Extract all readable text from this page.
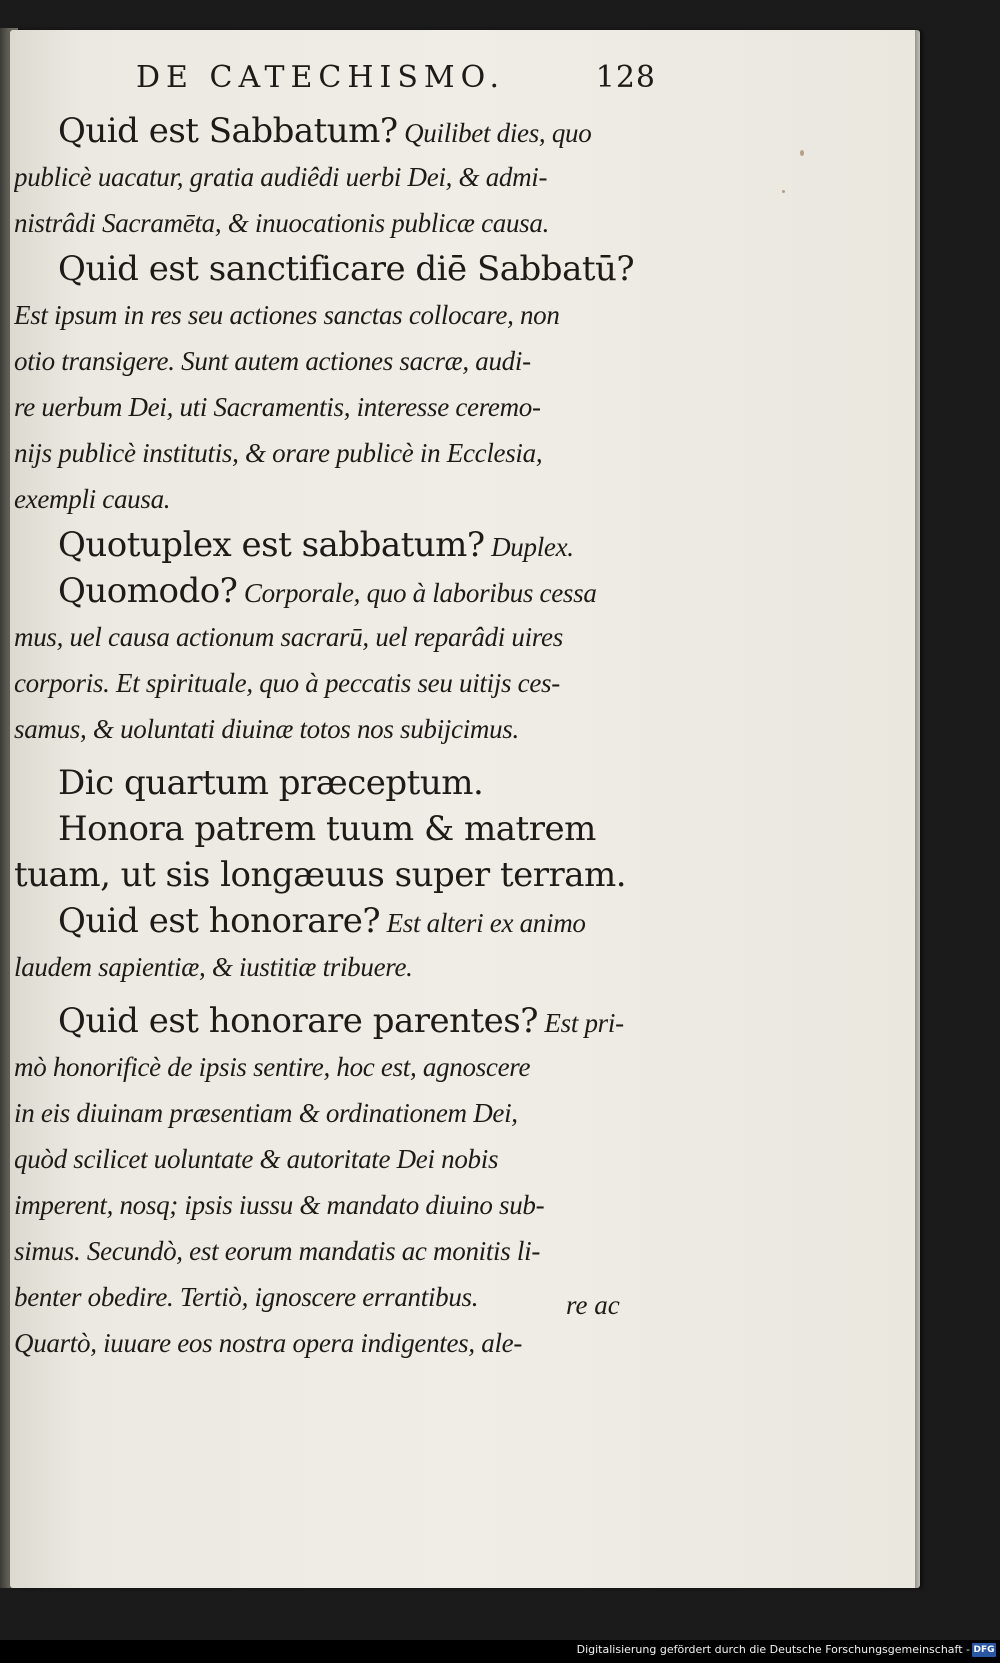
DE CATECHISMO.	128
Quid est Sabbatum? Quilibet dies, quo
publicè uacatur, gratia audiêdi uerbi Dei, & admi-
nistrâdi Sacramēta, & inuocationis publicæ causa.
Quid est sanctificare diē Sabbatū?
Est ipsum in res seu actiones sanctas collocare, non
otio transigere. Sunt autem actiones sacræ, audi-
re uerbum Dei, uti Sacramentis, interesse ceremo-
nijs publicè institutis, & orare publicè in Ecclesia,
exempli causa.
Quotuplex est sabbatum? Duplex.
Quomodo? Corporale, quo à laboribus cessa
mus, uel causa actionum sacrarū, uel reparâdi uires
corporis. Et spirituale, quo à peccatis seu uitijs ces-
samus, & uoluntati diuinæ totos nos subijcimus.
Dic quartum præceptum.
Honora patrem tuum & matrem
tuam, ut sis longæuus super terram.
Quid est honorare? Est alteri ex animo
laudem sapientiæ, & iustitiæ tribuere.
Quid est honorare parentes? Est pri-
mò honorificè de ipsis sentire, hoc est, agnoscere
in eis diuinam præsentiam & ordinationem Dei,
quòd scilicet uoluntate & autoritate Dei nobis
imperent, nosq; ipsis iussu & mandato diuino sub-
simus. Secundò, est eorum mandatis ac monitis li-
benter obedire. Tertiò, ignoscere errantibus.
Quartò, iuuare eos nostra opera indigentes, ale-
re ac
Digitalisierung gefördert durch die Deutsche Forschungsgemeinschaft - DFG
